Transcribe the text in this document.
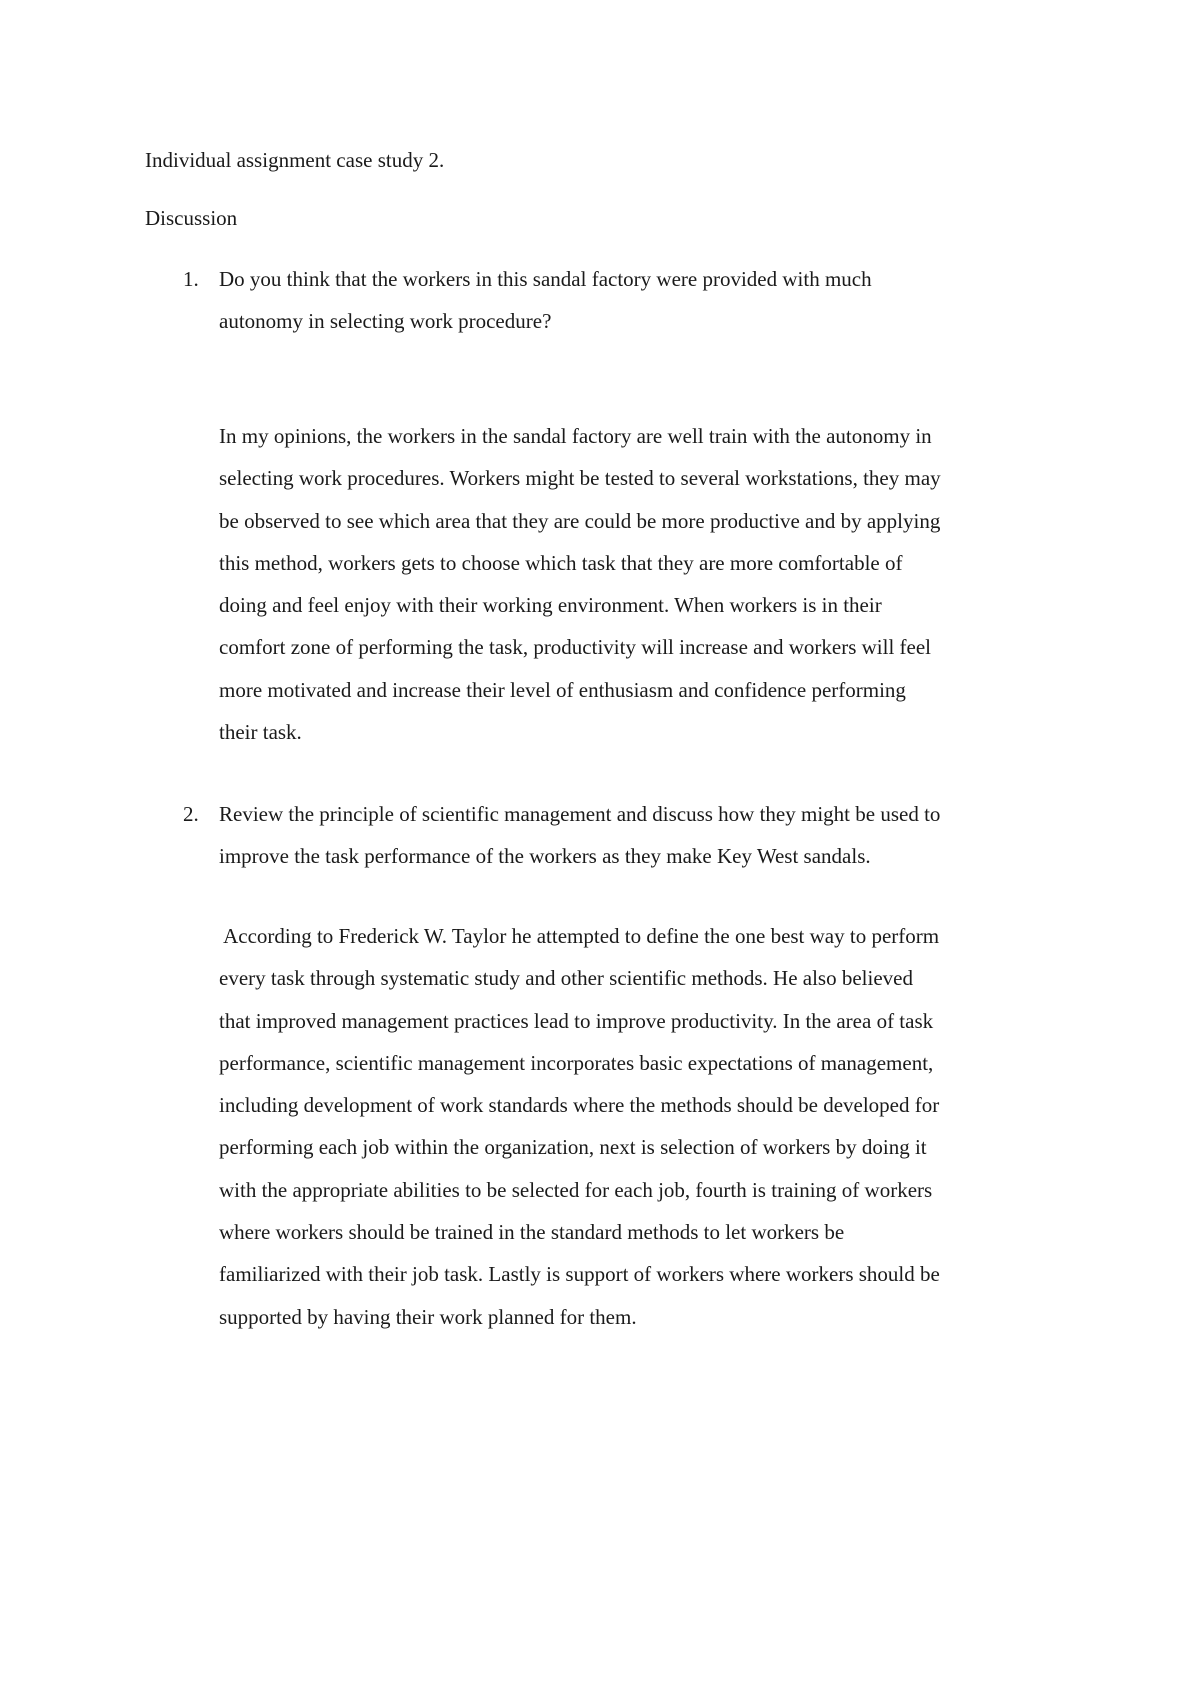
Individual assignment case study 2.
Discussion
1. Do you think that the workers in this sandal factory were provided with much
autonomy in selecting work procedure?
In my opinions, the workers in the sandal factory are well train with the autonomy in
selecting work procedures. Workers might be tested to several workstations, they may
be observed to see which area that they are could be more productive and by applying
this method, workers gets to choose which task that they are more comfortable of
doing and feel enjoy with their working environment. When workers is in their
comfort zone of performing the task, productivity will increase and workers will feel
more motivated and increase their level of enthusiasm and confidence performing
their task.
2. Review the principle of scientific management and discuss how they might be used to
improve the task performance of the workers as they make Key West sandals.
According to Frederick W. Taylor he attempted to define the one best way to perform
every task through systematic study and other scientific methods. He also believed
that improved management practices lead to improve productivity. In the area of task
performance, scientific management incorporates basic expectations of management,
including development of work standards where the methods should be developed for
performing each job within the organization, next is selection of workers by doing it
with the appropriate abilities to be selected for each job, fourth is training of workers
where workers should be trained in the standard methods to let workers be
familiarized with their job task. Lastly is support of workers where workers should be
supported by having their work planned for them.
